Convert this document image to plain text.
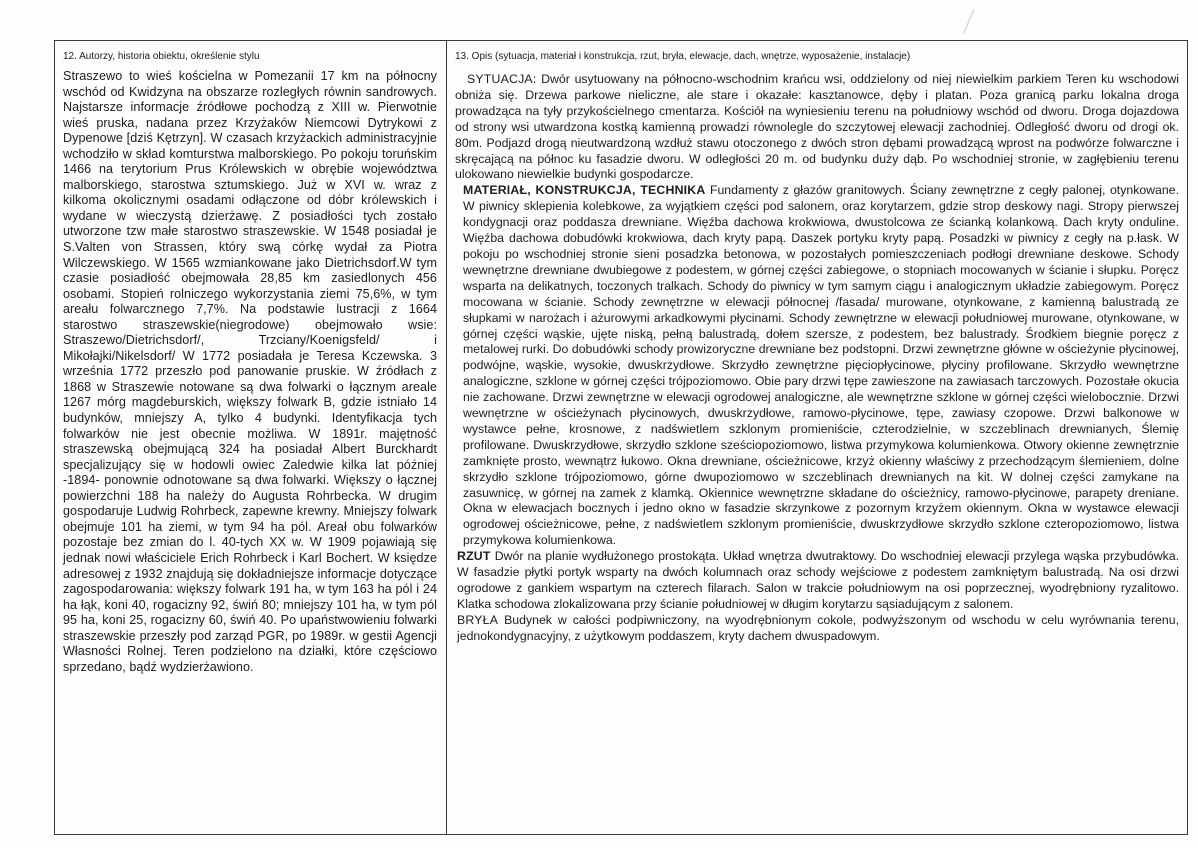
12. Autorzy, historia obiektu, określenie stylu

Straszewo to wieś kościelna w Pomezanii 17 km na północny wschód od Kwidzyna na obszarze rozległych równin sandrowych. Najstarsze informacje źródłowe pochodzą z XIII w. Pierwotnie wieś pruska, nadana przez Krzyżaków Niemcowi Dytrykowi z Dypenowe [dziś Kętrzyn]. W czasach krzyżackich administracyjnie wchodziło w skład komturstwa malborskiego. Po pokoju toruńskim 1466 na terytorium Prus Królewskich w obrębie województwa malborskiego, starostwa sztumskiego. Już w XVI w. wraz z kilkoma okolicznymi osadami odłączone od dóbr królewskich i wydane w wieczystą dzierżawę. Z posiadłości tych zostało utworzone tzw małe starostwo straszewskie. W 1548 posiadał je S.Valten von Strassen, który swą córkę wydał za Piotra Wilczewskiego. W 1565 wzmiankowane jako Dietrichsdorf.W tym czasie posiadłość obejmowała 28,85 km zasiedlonych 456 osobami. Stopień rolniczego wykorzystania ziemi 75,6%, w tym areału folwarcznego 7,7%. Na podstawie lustracji z 1664 starostwo straszewskie(niegrodowe) obejmowało wsie: Straszewo/Dietrichsdorf/, Trzciany/Koenigsfeld/ i Mikołajki/Nikelsdorf/ W 1772 posiadała je Teresa Kczewska. 3 września 1772 przeszło pod panowanie pruskie. W źródłach z 1868 w Straszewie notowane są dwa folwarki o łącznym areale 1267 mórg magdeburskich, większy folwark B, gdzie istniało 14 budynków, mniejszy A, tylko 4 budynki. Identyfikacja tych folwarków nie jest obecnie możliwa. W 1891r. majętność straszewską obejmującą 324 ha posiadał Albert Burckhardt specjalizujący się w hodowli owiec Zaledwie kilka lat później -1894- ponownie odnotowane są dwa folwarki. Większy o łącznej powierzchni 188 ha należy do Augusta Rohrbecka. W drugim gospodaruje Ludwig Rohrbeck, zapewne krewny. Mniejszy folwark obejmuje 101 ha ziemi, w tym 94 ha pól. Areał obu folwarków pozostaje bez zmian do l. 40-tych XX w. W 1909 pojawiają się jednak nowi właściciele Erich Rohrbeck i Karl Bochert. W księdze adresowej z 1932 znajdują się dokładniejsze informacje dotyczące zagospodarowania: większy folwark 191 ha, w tym 163 ha pól i 24 ha łąk, koni 40, rogacizny 92, świń 80; mniejszy 101 ha, w tym pól 95 ha, koni 25, rogacizny 60, świń 40. Po upaństwowieniu folwarki straszewskie przeszły pod zarząd PGR, po 1989r. w gestii Agencji Własności Rolnej. Teren podzielono na działki, które częściowo sprzedano, bądź wydzierżawiono.

13. Opis (sytuacja, materiał i konstrukcja, rzut, bryła, elewacje, dach, wnętrze, wyposażenie, instalacje)

SYTUACJA: Dwór usytuowany na północno-wschodnim krańcu wsi, oddzielony od niej niewielkim parkiem Teren ku wschodowi obniża się. Drzewa parkowe nieliczne, ale stare i okazałe: kasztanowce, dęby i platan. Poza granicą parku lokalna droga prowadząca na tyły przykościelnego cmentarza. Kościół na wyniesieniu terenu na południowy wschód od dworu. Droga dojazdowa od strony wsi utwardzona kostką kamienną prowadzi równolegle do szczytowej elewacji zachodniej. Odległość dworu od drogi ok. 80m. Podjazd drogą nieutwardzoną wzdłuż stawu otoczonego z dwóch stron dębami prowadzącą wprost na podwórze folwarczne i skręcającą na północ ku fasadzie dworu. W odległości 20 m. od budynku duży dąb. Po wschodniej stronie, w zagłębieniu terenu ulokowano niewielkie budynki gospodarcze.

MATERIAŁ, KONSTRUKCJA, TECHNIKA Fundamenty z głazów granitowych. Ściany zewnętrzne z cegły palonej, otynkowane. W piwnicy sklepienia kolebkowe, za wyjątkiem części pod salonem, oraz korytarzem, gdzie strop deskowy nagi. Stropy pierwszej kondygnacji oraz poddasza drewniane. Więźba dachowa krokwiowa, dwustolcowa ze ścianką kolankową. Dach kryty onduline. Więźba dachowa dobudówki krokwiowa, dach kryty papą. Daszek portyku kryty papą. Posadzki w piwnicy z cegły na p.łask. W pokoju po wschodniej stronie sieni posadzka betonowa, w pozostałych pomieszczeniach podłogi drewniane deskowe. Schody wewnętrzne drewniane dwubiegowe z podestem, w górnej części zabiegowe, o stopniach mocowanych w ścianie i słupku. Poręcz wsparta na delikatnych, toczonych tralkach. Schody do piwnicy w tym samym ciągu i analogicznym układzie zabiegowym. Poręcz mocowana w ścianie. Schody zewnętrzne w elewacji północnej /fasada/ murowane, otynkowane, z kamienną balustradą ze słupkami w narożach i ażurowymi arkadkowymi płycinami. Schody zewnętrzne w elewacji południowej murowane, otynkowane, w górnej części wąskie, ujęte niską, pełną balustradą, dołem szersze, z podestem, bez balustrady. Środkiem biegnie poręcz z metalowej rurki. Do dobudówki schody prowizoryczne drewniane bez podstopni. Drzwi zewnętrzne główne w ościeżynie płycinowej, podwójne, wąskie, wysokie, dwuskrzydłowe. Skrzydło zewnętrzne pięciopłycinowe, płyciny profilowane. Skrzydło wewnętrzne analogiczne, szklone w górnej części trójpoziomowo. Obie pary drzwi tępe zawieszone na zawiasach tarczowych. Pozostałe okucia nie zachowane. Drzwi zewnętrzne w elewacji ogrodowej analogiczne, ale wewnętrzne szklone w górnej części wielobocznie. Drzwi wewnętrzne w ościeżynach płycinowych, dwuskrzydłowe, ramowo-płycinowe, tępe, zawiasy czopowe. Drzwi balkonowe w wystawce pełne, krosnowe, z nadświetlem szklonym promieniście, czterodzielnie, w szczeblinach drewnianych, Ślemię profilowane. Dwuskrzydłowe, skrzydło szklone sześciopoziomowo, listwa przymykowa kolumienkowa. Otwory okienne zewnętrznie zamknięte prosto, wewnątrz łukowo. Okna drewniane, ościeżnicowe, krzyż okienny właściwy z przechodzącym ślemieniem, dolne skrzydło szklone trójpoziomowo, górne dwupoziomowo w szczeblinach drewnianych na kit. W dolnej części zamykane na zasuwnicę, w górnej na zamek z klamką. Okiennice wewnętrzne składane do ościeżnicy, ramowo-płycinowe, parapety dreniane. Okna w elewacjach bocznych i jedno okno w fasadzie skrzynkowe z pozornym krzyżem okiennym. Okna w wystawce elewacji ogrodowej ościeżnicowe, pełne, z nadświetlem szklonym promieniście, dwuskrzydłowe skrzydło szklone czteropoziomowo, listwa przymykowa kolumienkowa.

RZUT Dwór na planie wydłużonego prostokąta. Układ wnętrza dwutraktowy. Do wschodniej elewacji przylega wąska przybudówka. W fasadzie płytki portyk wsparty na dwóch kolumnach oraz schody wejściowe z podestem zamkniętym balustradą. Na osi drzwi ogrodowe z gankiem wspartym na czterech filarach. Salon w trakcie południowym na osi poprzecznej, wyodrębniony ryzalitowo. Klatka schodowa zlokalizowana przy ścianie południowej w długim korytarzu sąsiadującym z salonem.

BRYŁA Budynek w całości podpiwniczony, na wyodrębnionym cokole, podwyższonym od wschodu w celu wyrównania terenu, jednokondygnacyjny, z użytkowym poddaszem, kryty dachem dwuspadowym.
